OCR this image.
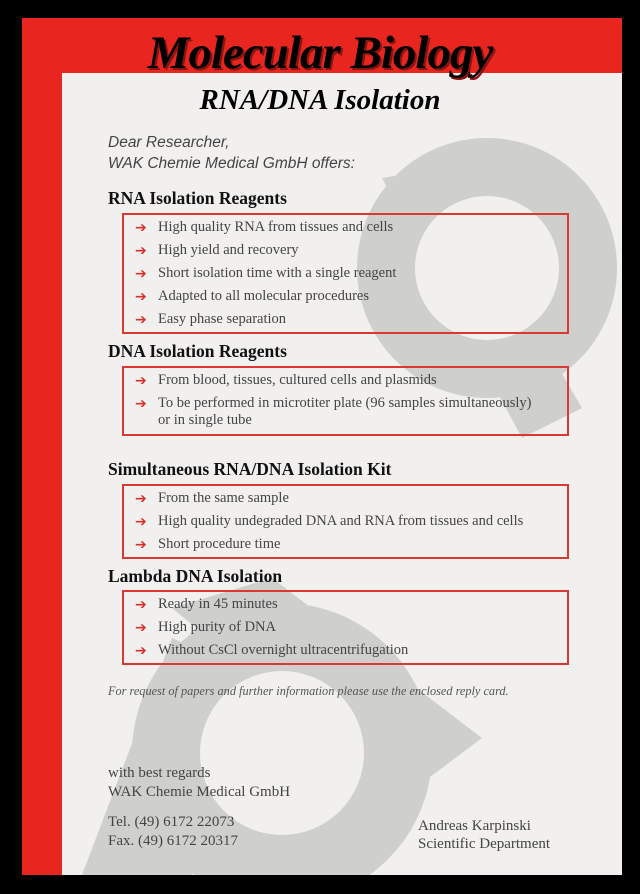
Molecular Biology
RNA/DNA Isolation
Dear Researcher,
WAK Chemie Medical GmbH offers:
RNA Isolation Reagents
➔ High quality RNA from tissues and cells
➔ High yield and recovery
➔ Short isolation time with a single reagent
➔ Adapted to all molecular procedures
➔ Easy phase separation
DNA Isolation Reagents
➔ From blood, tissues, cultured cells and plasmids
➔ To be performed in microtiter plate (96 samples simultaneously)
or in single tube
Simultaneous RNA/DNA Isolation Kit
➔ From the same sample
➔ High quality undegraded DNA and RNA from tissues and cells
➔ Short procedure time
Lambda DNA Isolation
➔ Ready in 45 minutes
➔ High purity of DNA
➔ Without CsCl overnight ultracentrifugation
For request of papers and further information please use the enclosed reply card.
with best regards
WAK Chemie Medical GmbH
Tel. (49) 6172 22073
Fax. (49) 6172 20317
Andreas Karpinski
Scientific Department
